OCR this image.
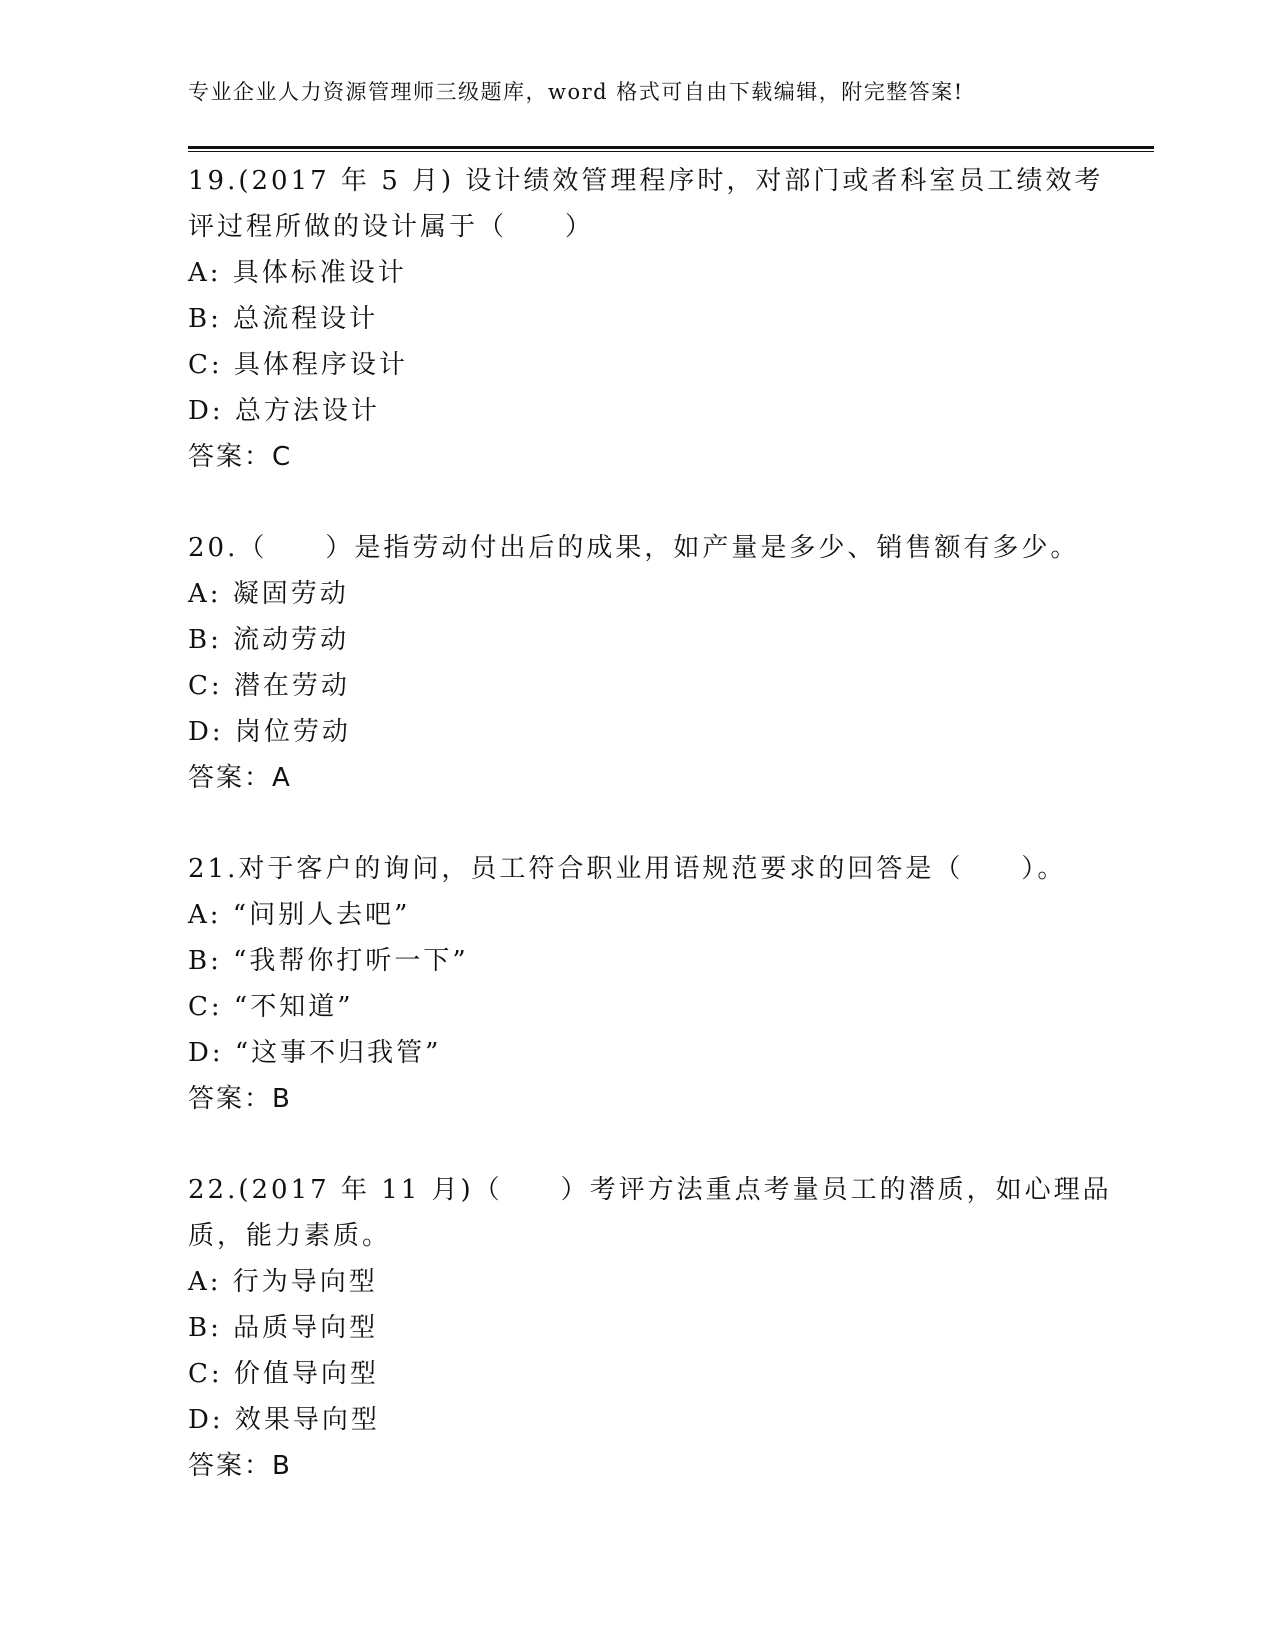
专业企业人力资源管理师三级题库，word 格式可自由下载编辑，附完整答案!
19.(2017 年 5 月) 设计绩效管理程序时，对部门或者科室员工绩效考
评过程所做的设计属于（　　）
A: 具体标准设计
B: 总流程设计
C: 具体程序设计
D: 总方法设计
答案：C
20.（　　）是指劳动付出后的成果，如产量是多少、销售额有多少。
A: 凝固劳动
B: 流动劳动
C: 潜在劳动
D: 岗位劳动
答案：A
21.对于客户的询问，员工符合职业用语规范要求的回答是（　　）。
A: “问别人去吧”
B: “我帮你打听一下”
C: “不知道”
D: “这事不归我管”
答案：B
22.(2017 年 11 月)（　　）考评方法重点考量员工的潜质，如心理品
质，能力素质。
A: 行为导向型
B: 品质导向型
C: 价值导向型
D: 效果导向型
答案：B
